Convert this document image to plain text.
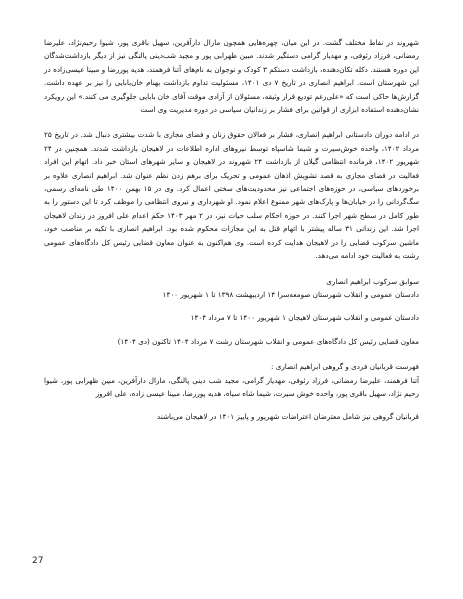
شهروند در نقاط مختلف گشت. در این میان، چهره‌هایی همچون مارال دارآفرین، سهیل باقری پور، شیوا رحیم‌نژاد، علیرضا رمضانی، فرزاد رئوفی، و مهدیار گرامی دستگیر شدند. مبین ظهرابی پور و مجید شب‌دینی پالنگی نیز از دیگر بازداشت‌شدگان این دوره هستند. دکله تکان‌دهنده، بازداشت دستکم ۳ کودک و نوجوان به نام‌های آتنا فرهمند، هدیه پوررضا و مبینا عیسی‌زاده در این شهرستان است. ابراهیم انصاری در تاریخ ۷ دی ۱۴۰۱، مسئولیت تداوم بازداشت بهنام خان‌بابایی را نیز بر عهده داشت. گزارش‌ها حاکی است که «علی‌رغم تودیع قرار وثیقه، مسئولان از آزادی موقت آقای خان بابایی جلوگیری می کنند.» این رویکرد نشان‌دهنده استفاده ابزاری از قوانین برای فشار بر زندانیان سیاسی در دوره مدیریت وی است

در ادامه دوران دادستانی ابراهیم انصاری، فشار بر فعالان حقوق زنان و فضای مجازی با شدت بیشتری دنبال شد. در تاریخ ۲۵ مرداد ۱۴۰۲، واحده خوش‌سیرت و شیما شاسپاه توسط نیروهای اداره اطلاعات در لاهیجان بازداشت شدند. همچنین در ۲۴ شهریور ۱۴۰۲، فرمانده انتظامی گیلان از بازداشت ۲۴ شهروند در لاهیجان و سایر شهرهای استان خبر داد. اتهام این افراد فعالیت در فضای مجازی به قصد تشویش اذهان عمومی و تحریک برای برهم زدن نظم عنوان شد. ابراهیم انصاری علاوه بر برخوردهای سیاسی، در حوزه‌های اجتماعی نیز محدودیت‌های سختی اعمال کرد. وی در ۱۵ بهمن ۱۴۰۰ طی نامه‌ای رسمی، سگ‌گردانی را در خیابان‌ها و پارک‌های شهر ممنوع اعلام نمود. او شهرداری و نیروی انتظامی را موظف کرد تا این دستور را به طور کامل در سطح شهر اجرا کنند. در حوزه احکام سلب حیات نیز، در ۲ مهر ۱۴۰۳ حکم اعدام علی افروز در زندان لاهیجان اجرا شد. این زندانی ۳۱ ساله پیشتر با اتهام قتل به این مجازات محکوم شده بود. ابراهیم انصاری با تکیه بر مناصب خود، ماشین سرکوب قضایی را در لاهیجان هدایت کرده است. وی هم‌اکنون به عنوان معاون قضایی رئیس کل دادگاه‌های عمومی رشت به فعالیت خود ادامه می‌دهد.

سوابق سرکوب ابراهیم انصاری

دادستان عمومی و انقلاب شهرستان صومعه‌سرا ۱۴ اردیبهشت ۱۳۹۸ تا ۱ شهریور ۱۴۰۰

دادستان عمومی و انقلاب شهرستان لاهیجان ۱ شهریور ۱۴۰۰ تا ۷ مرداد ۱۴۰۴

معاون قضایی رئیس کل دادگاه‌های عمومی و انقلاب شهرستان رشت ۷ مرداد ۱۴۰۴ تاکنون (دی ۱۴۰۴)

فهرست قربانیان فردی و گروهی ابراهیم انصاری :

آتنا فرهمند، علیرضا رمضانی، فرزاد رئوفی، مهدیار گرامی، مجید شب دینی پالنگی، مارال دارآفرین، مبین ظهرابی پور، شیوا رحیم نژاد، سهیل باقری پور، واحده خوش سیرت، شیما شاه سیاه، هدیه پوررضا، مبینا عیسی زاده، علی افروز

قربانیان گروهی نیز شامل معترضان اعتراضات شهریور و پاییز ۱۴۰۱ در لاهیجان می‌باشند

27
